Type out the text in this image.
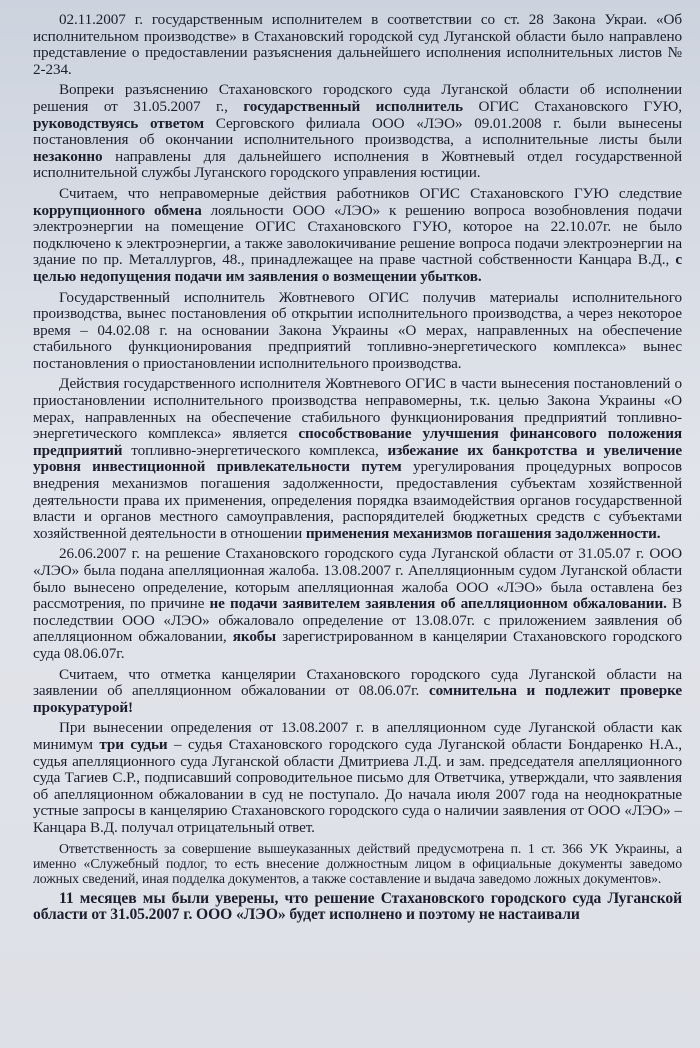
02.11.2007 г. государственным исполнителем в соответствии со ст. 28 Закона Украи. «Об исполнительном производстве» в Стахановский городской суд Луганской области было направлено представление о предоставлении разъяснения дальнейшего исполнения исполнительных листов № 2-234.

Вопреки разъяснению Стахановского городского суда Луганской области об исполнении решения от 31.05.2007 г., государственный исполнитель ОГИС Стахановского ГУЮ, руководствуясь ответом Серговского филиала ООО «ЛЭО» 09.01.2008 г. были вынесены постановления об окончании исполнительного производства, а исполнительные листы были незаконно направлены для дальнейшего исполнения в Жовтневый отдел государственной исполнительной службы Луганского городского управления юстиции.

Считаем, что неправомерные действия работников ОГИС Стахановского ГУЮ следствие коррупционного обмена лояльности ООО «ЛЭО» к решению вопроса возобновления подачи электроэнергии на помещение ОГИС Стахановского ГУЮ, которое на 22.10.07г. не было подключено к электроэнергии, а также заволокичивание решение вопроса подачи электроэнергии на здание по пр. Металлургов, 48., принадлежащее на праве частной собственности Канцара В.Д., с целью недопущения подачи им заявления о возмещении убытков.

Государственный исполнитель Жовтневого ОГИС получив материалы исполнительного производства, вынес постановления об открытии исполнительного производства, а через некоторое время – 04.02.08 г. на основании Закона Украины «О мерах, направленных на обеспечение стабильного функционирования предприятий топливно-энергетического комплекса» вынес постановления о приостановлении исполнительного производства.

Действия государственного исполнителя Жовтневого ОГИС в части вынесения постановлений о приостановлении исполнительного производства неправомерны, т.к. целью Закона Украины «О мерах, направленных на обеспечение стабильного функционирования предприятий топливно-энергетического комплекса» является способствование улучшения финансового положения предприятий топливно-энергетического комплекса, избежание их банкротства и увеличение уровня инвестиционной привлекательности путем урегулирования процедурных вопросов внедрения механизмов погашения задолженности, предоставления субъектам хозяйственной деятельности права их применения, определения порядка взаимодействия органов государственной власти и органов местного самоуправления, распорядителей бюджетных средств с субъектами хозяйственной деятельности в отношении применения механизмов погашения задолженности.

26.06.2007 г. на решение Стахановского городского суда Луганской области от 31.05.07 г. ООО «ЛЭО» была подана апелляционная жалоба. 13.08.2007 г. Апелляционным судом Луганской области было вынесено определение, которым апелляционная жалоба ООО «ЛЭО» была оставлена без рассмотрения, по причине не подачи заявителем заявления об апелляционном обжаловании. В последствии ООО «ЛЭО» обжаловало определение от 13.08.07г. с приложением заявления об апелляционном обжаловании, якобы зарегистрированном в канцелярии Стахановского городского суда 08.06.07г.

Считаем, что отметка канцелярии Стахановского городского суда Луганской области на заявлении об апелляционном обжаловании от 08.06.07г. сомнительна и подлежит проверке прокуратурой!

При вынесении определения от 13.08.2007 г. в апелляционном суде Луганской области как минимум три судьи – судья Стахановского городского суда Луганской области Бондаренко Н.А., судья апелляционного суда Луганской области Дмитриева Л.Д. и зам. председателя апелляционного суда Тагиев С.Р., подписавший сопроводительное письмо для Ответчика, утверждали, что заявления об апелляционном обжаловании в суд не поступало. До начала июля 2007 года на неоднократные устные запросы в канцелярию Стахановского городского суда о наличии заявления от ООО «ЛЭО» – Канцара В.Д. получал отрицательный ответ.

Ответственность за совершение вышеуказанных действий предусмотрена п. 1 ст. 366 УК Украины, а именно «Служебный подлог, то есть внесение должностным лицом в официальные документы заведомо ложных сведений, иная подделка документов, а также составление и выдача заведомо ложных документов».

11 месяцев мы были уверены, что решение Стахановского городского суда Луганской области от 31.05.2007 г. ООО «ЛЭО» будет исполнено и поэтому не настаивали
